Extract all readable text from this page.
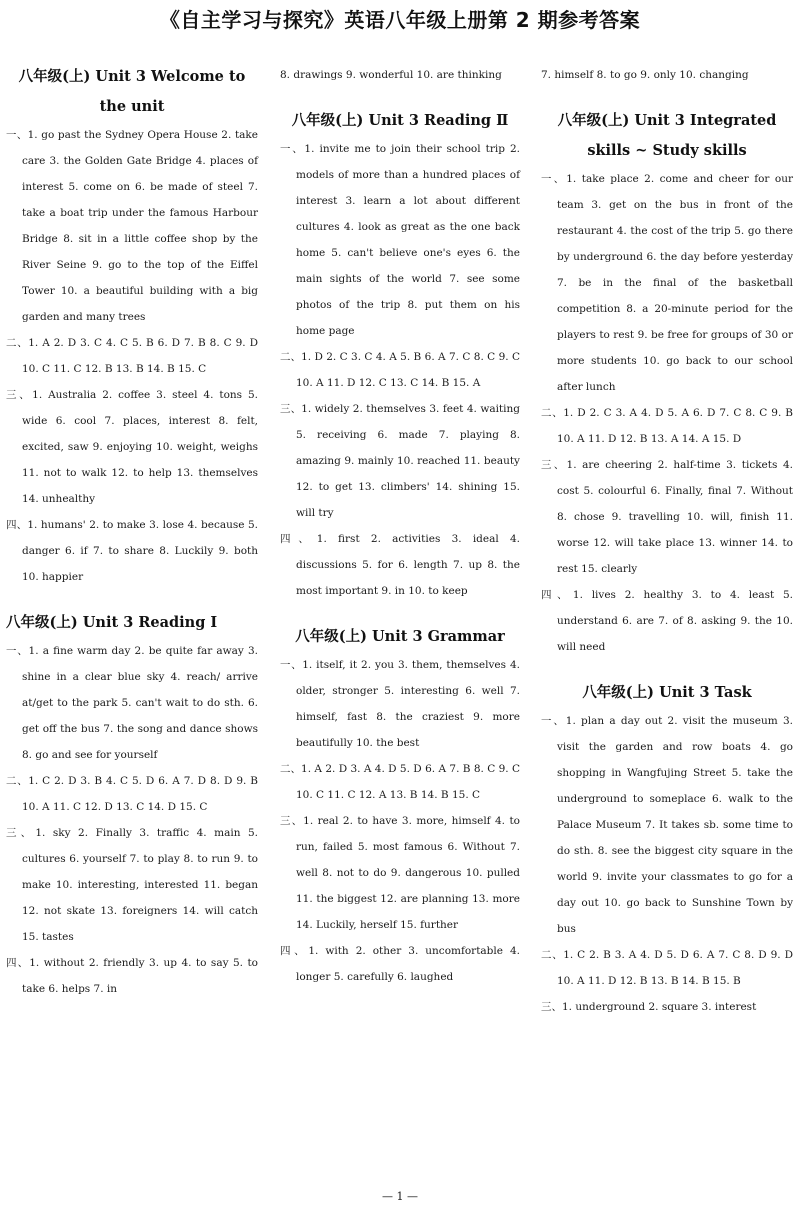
《自主学习与探究》英语八年级上册第 2 期参考答案
八年级(上) Unit 3 Welcome to the unit
一、1. go past the Sydney Opera House 2. take care 3. the Golden Gate Bridge 4. places of interest 5. come on 6. be made of steel 7. take a boat trip under the famous Harbour Bridge 8. sit in a little coffee shop by the River Seine 9. go to the top of the Eiffel Tower 10. a beautiful building with a big garden and many trees
二、1. A 2. D 3. C 4. C 5. B 6. D 7. B 8. C 9. D 10. C 11. C 12. B 13. B 14. B 15. C
三、1. Australia 2. coffee 3. steel 4. tons 5. wide 6. cool 7. places, interest 8. felt, excited, saw 9. enjoying 10. weight, weighs 11. not to walk 12. to help 13. themselves 14. unhealthy
四、1. humans' 2. to make 3. lose 4. because 5. danger 6. if 7. to share 8. Luckily 9. both 10. happier
八年级(上) Unit 3 Reading Ⅰ
一、1. a fine warm day 2. be quite far away 3. shine in a clear blue sky 4. reach/ arrive at/get to the park 5. can't wait to do sth. 6. get off the bus 7. the song and dance shows 8. go and see for yourself
二、1. C 2. D 3. B 4. C 5. D 6. A 7. D 8. D 9. B 10. A 11. C 12. D 13. C 14. D 15. C
三、1. sky 2. Finally 3. traffic 4. main 5. cultures 6. yourself 7. to play 8. to run 9. to make 10. interesting, interested 11. began 12. not skate 13. foreigners 14. will catch 15. tastes
四、1. without 2. friendly 3. up 4. to say 5. to take 6. helps 7. in
8. drawings 9. wonderful 10. are thinking
八年级(上) Unit 3 Reading Ⅱ
一、1. invite me to join their school trip 2. models of more than a hundred places of interest 3. learn a lot about different cultures 4. look as great as the one back home 5. can't believe one's eyes 6. the main sights of the world 7. see some photos of the trip 8. put them on his home page
二、1. D 2. C 3. C 4. A 5. B 6. A 7. C 8. C 9. C 10. A 11. D 12. C 13. C 14. B 15. A
三、1. widely 2. themselves 3. feet 4. waiting 5. receiving 6. made 7. playing 8. amazing 9. mainly 10. reached 11. beauty 12. to get 13. climbers' 14. shining 15. will try
四、1. first 2. activities 3. ideal 4. discussions 5. for 6. length 7. up 8. the most important 9. in 10. to keep
八年级(上) Unit 3 Grammar
一、1. itself, it 2. you 3. them, themselves 4. older, stronger 5. interesting 6. well 7. himself, fast 8. the craziest 9. more beautifully 10. the best
二、1. A 2. D 3. A 4. D 5. D 6. A 7. B 8. C 9. C 10. C 11. C 12. A 13. B 14. B 15. C
三、1. real 2. to have 3. more, himself 4. to run, failed 5. most famous 6. Without 7. well 8. not to do 9. dangerous 10. pulled 11. the biggest 12. are planning 13. more 14. Luckily, herself 15. further
四、1. with 2. other 3. uncomfortable 4. longer 5. carefully 6. laughed
7. himself 8. to go 9. only 10. changing
八年级(上) Unit 3 Integrated skills ~ Study skills
一、1. take place 2. come and cheer for our team 3. get on the bus in front of the restaurant 4. the cost of the trip 5. go there by underground 6. the day before yesterday 7. be in the final of the basketball competition 8. a 20-minute period for the players to rest 9. be free for groups of 30 or more students 10. go back to our school after lunch
二、1. D 2. C 3. A 4. D 5. A 6. D 7. C 8. C 9. B 10. A 11. D 12. B 13. A 14. A 15. D
三、1. are cheering 2. half-time 3. tickets 4. cost 5. colourful 6. Finally, final 7. Without 8. chose 9. travelling 10. will, finish 11. worse 12. will take place 13. winner 14. to rest 15. clearly
四、1. lives 2. healthy 3. to 4. least 5. understand 6. are 7. of 8. asking 9. the 10. will need
八年级(上) Unit 3 Task
一、1. plan a day out 2. visit the museum 3. visit the garden and row boats 4. go shopping in Wangfujing Street 5. take the underground to someplace 6. walk to the Palace Museum 7. It takes sb. some time to do sth. 8. see the biggest city square in the world 9. invite your classmates to go for a day out 10. go back to Sunshine Town by bus
二、1. C 2. B 3. A 4. D 5. D 6. A 7. C 8. D 9. D 10. A 11. D 12. B 13. B 14. B 15. B
三、1. underground 2. square 3. interest
— 1 —
